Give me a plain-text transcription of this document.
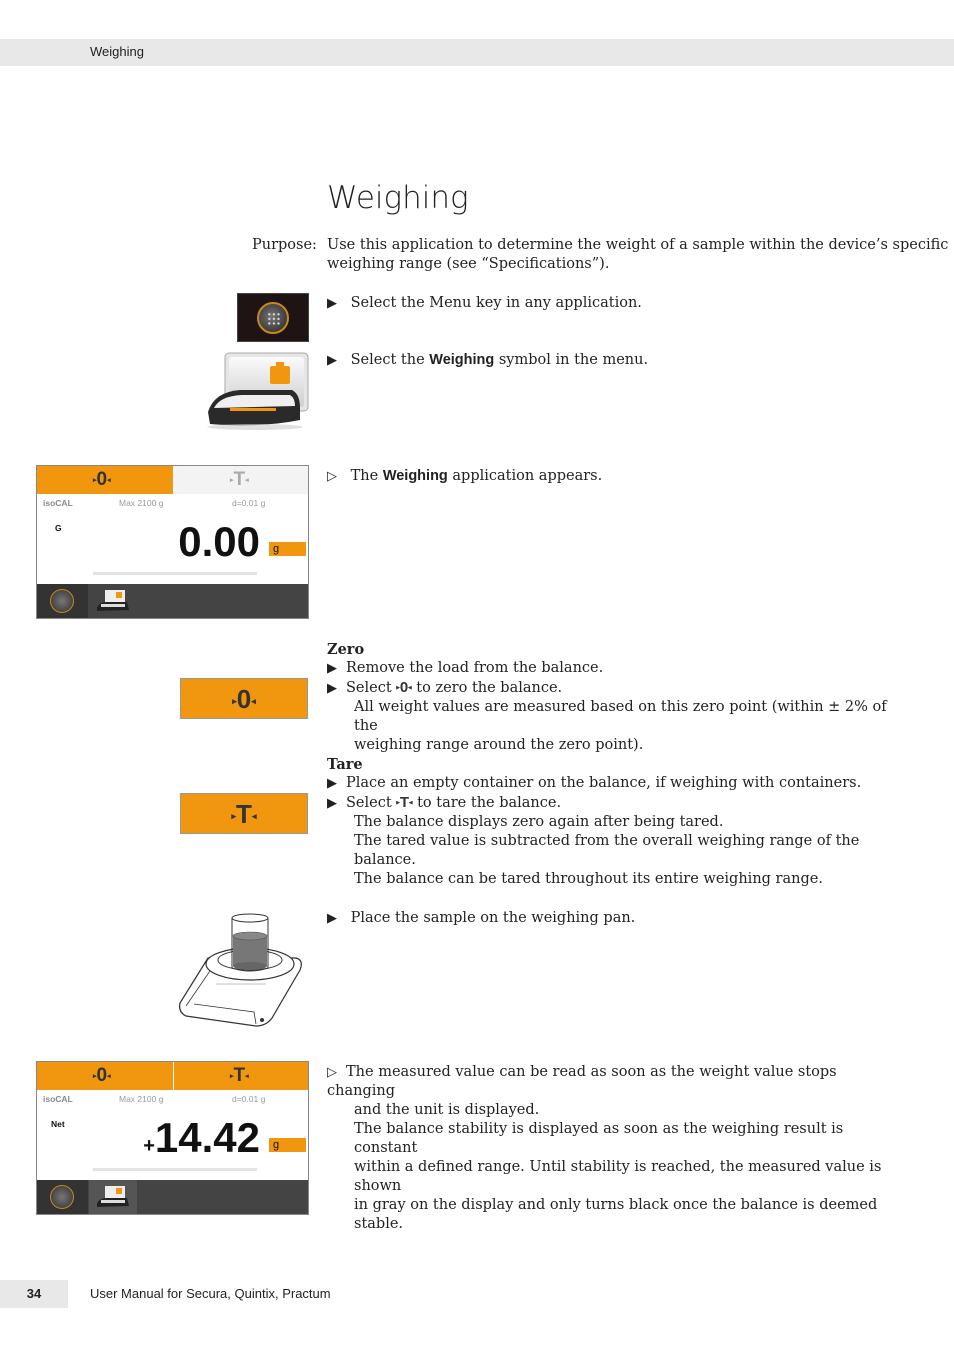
Weighing
Weighing
Purpose: Use this application to determine the weight of a sample within the device’s specific
weighing range (see “Specifications”).
▶ Select the Menu key in any application.
▶ Select the Weighing symbol in the menu.
▸0◂	▸T◂
isoCAL	Max 2100 g	d=0.01 g
G	0.00	g
▷ The Weighing application appears.
Zero
▶ Remove the load from the balance.
▶ Select ▸0◂ to zero the balance.
All weight values are measured based on this zero point (within ± 2% of the
weighing range around the zero point).
▸0◂
Tare
▶ Place an empty container on the balance, if weighing with containers.
▶ Select ▸T◂ to tare the balance.
The balance displays zero again after being tared.
The tared value is subtracted from the overall weighing range of the balance.
The balance can be tared throughout its entire weighing range.
▸T◂
▶ Place the sample on the weighing pan.
▸0◂	▸T◂
isoCAL	Max 2100 g	d=0.01 g
Net
+14.42	g
▷ The measured value can be read as soon as the weight value stops changing
and the unit is displayed.
The balance stability is displayed as soon as the weighing result is constant
within a defined range. Until stability is reached, the measured value is shown
in gray on the display and only turns black once the balance is deemed stable.
34	User Manual for Secura, Quintix, Practum
